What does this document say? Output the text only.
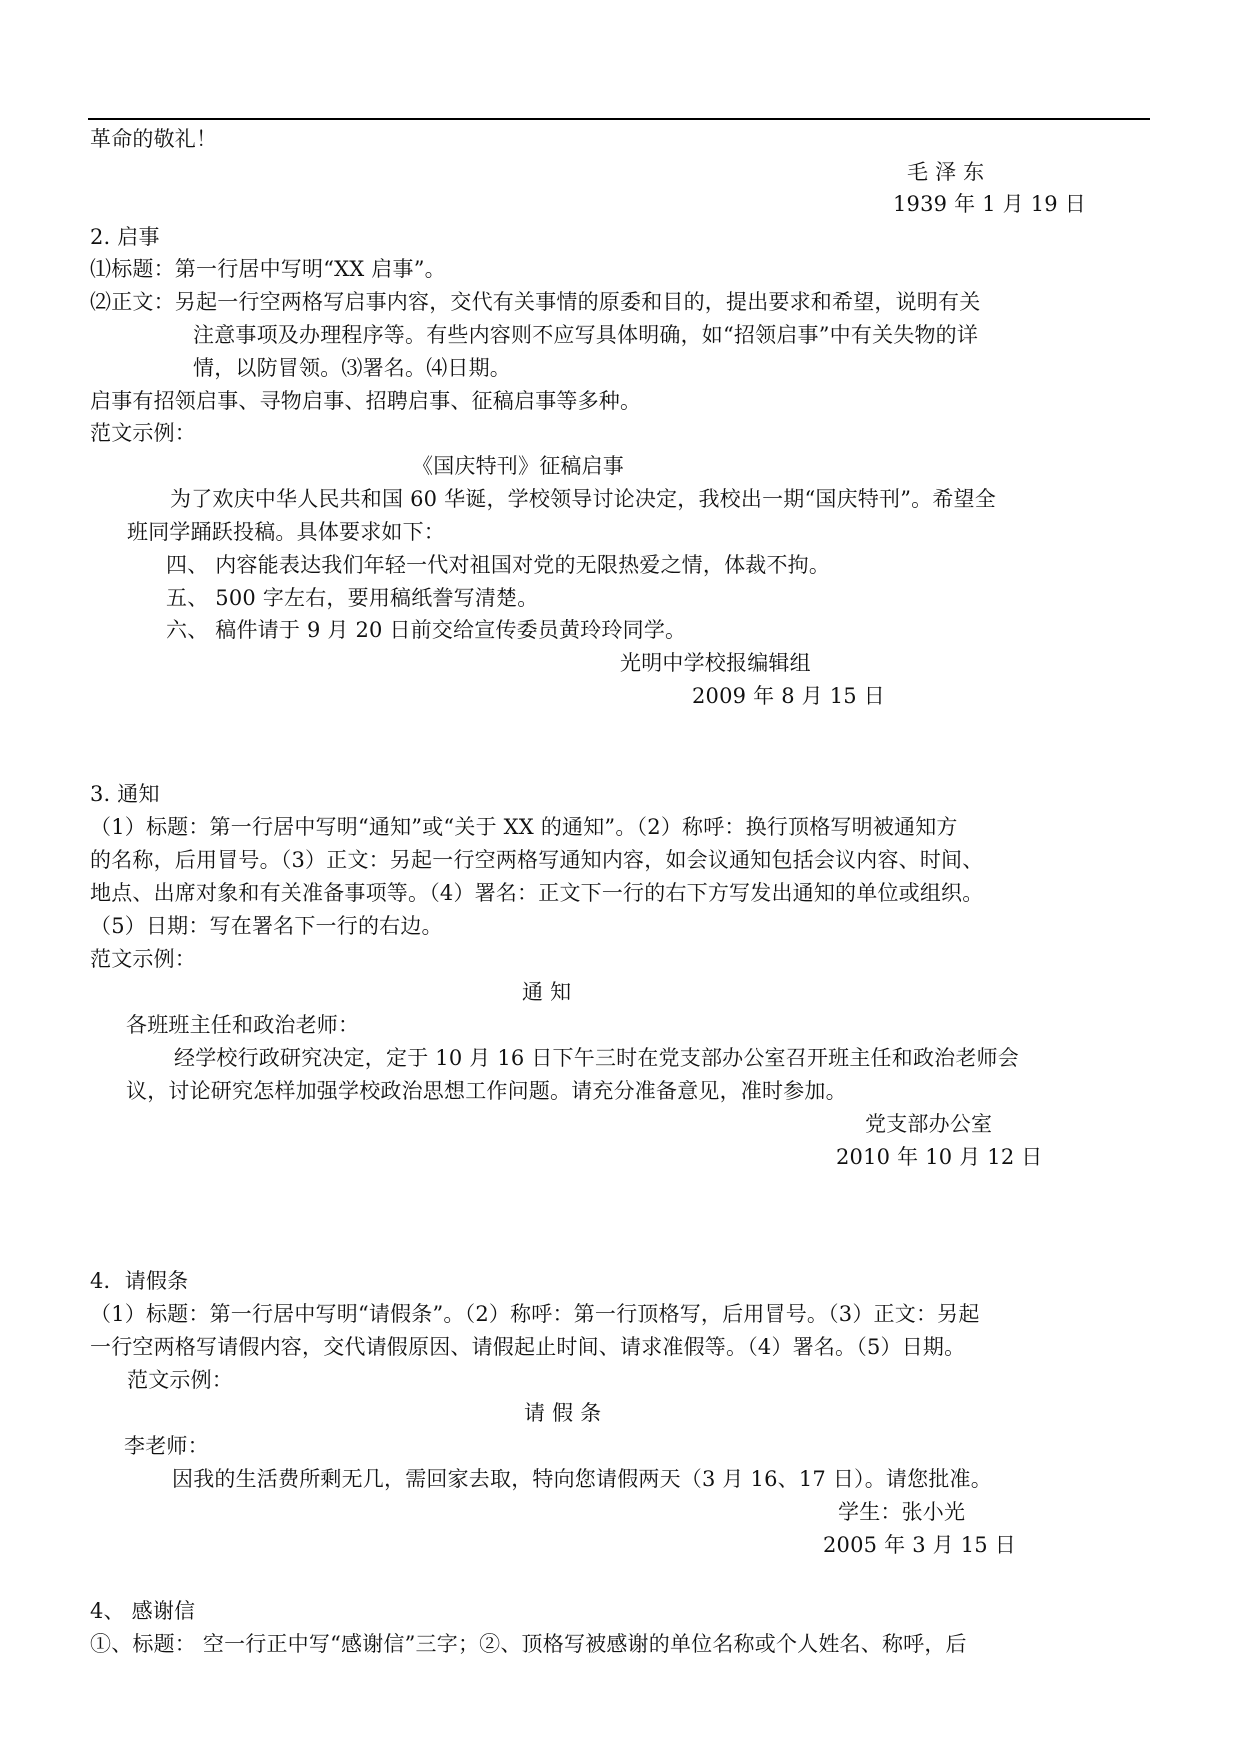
革命的敬礼！
毛 泽 东
1939 年 1 月 19 日
2. 启事
⑴标题：第一行居中写明“XX 启事”。
⑵正文：另起一行空两格写启事内容，交代有关事情的原委和目的，提出要求和希望，说明有关
注意事项及办理程序等。有些内容则不应写具体明确，如“招领启事”中有关失物的详
情，以防冒领。⑶署名。⑷日期。
启事有招领启事、寻物启事、招聘启事、征稿启事等多种。
范文示例：
《国庆特刊》征稿启事
为了欢庆中华人民共和国 60 华诞，学校领导讨论决定，我校出一期“国庆特刊”。希望全
班同学踊跃投稿。具体要求如下：
四、 内容能表达我们年轻一代对祖国对党的无限热爱之情，体裁不拘。
五、 500 字左右，要用稿纸誊写清楚。
六、 稿件请于 9 月 20 日前交给宣传委员黄玲玲同学。
光明中学校报编辑组
2009 年 8 月 15 日
3. 通知
（1）标题：第一行居中写明“通知”或“关于 XX 的通知”。（2）称呼：换行顶格写明被通知方
的名称，后用冒号。（3）正文：另起一行空两格写通知内容，如会议通知包括会议内容、时间、
地点、出席对象和有关准备事项等。（4）署名：正文下一行的右下方写发出通知的单位或组织。
（5）日期：写在署名下一行的右边。
范文示例：
通 知
各班班主任和政治老师：
经学校行政研究决定，定于 10 月 16 日下午三时在党支部办公室召开班主任和政治老师会
议，讨论研究怎样加强学校政治思想工作问题。请充分准备意见，准时参加。
党支部办公室
2010 年 10 月 12 日
4．请假条
（1）标题：第一行居中写明“请假条”。（2）称呼：第一行顶格写，后用冒号。（3）正文：另起
一行空两格写请假内容，交代请假原因、请假起止时间、请求准假等。（4）署名。（5）日期。
范文示例：
请 假 条
李老师：
因我的生活费所剩无几，需回家去取，特向您请假两天（3 月 16、17 日）。请您批准。
学生：张小光
2005 年 3 月 15 日
4、 感谢信
①、标题： 空一行正中写“感谢信”三字；②、顶格写被感谢的单位名称或个人姓名、称呼，后
